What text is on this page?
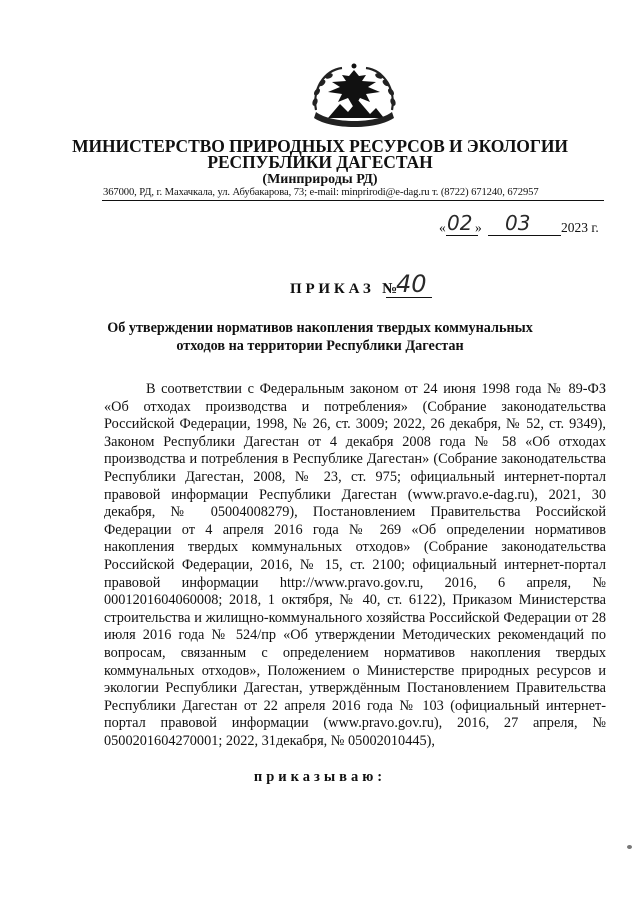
МИНИСТЕРСТВО ПРИРОДНЫХ РЕСУРСОВ И ЭКОЛОГИИ
РЕСПУБЛИКИ ДАГЕСТАН
(Минприроды РД)
367000, РД, г. Махачкала, ул. Абубакарова, 73; e-mail: minprirodi@e-dag.ru т. (8722) 671240, 672957
« 02 » 03 2023 г.
ПРИКАЗ №
40
Об утверждении нормативов накопления твердых коммунальных
отходов на территории Республики Дагестан
В соответствии с Федеральным законом от 24 июня 1998 года № 89-ФЗ «Об отходах производства и потребления» (Собрание законодательства Российской Федерации, 1998, № 26, ст. 3009; 2022, 26 декабря, № 52, ст. 9349), Законом Республики Дагестан от 4 декабря 2008 года № 58 «Об отходах производства и потребления в Республике Дагестан» (Собрание законодательства Республики Дагестан, 2008, № 23, ст. 975; официальный интернет-портал правовой информации Республики Дагестан (www.pravo.e-dag.ru), 2021, 30 декабря, № 05004008279), Постановлением Правительства Российской Федерации от 4 апреля 2016 года № 269 «Об определении нормативов накопления твердых коммунальных отходов» (Собрание законодательства Российской Федерации, 2016, № 15, ст. 2100; официальный интернет-портал правовой информации http://www.pravo.gov.ru, 2016, 6 апреля, № 0001201604060008; 2018, 1 октября, № 40, ст. 6122), Приказом Министерства строительства и жилищно-коммунального хозяйства Российской Федерации от 28 июля 2016 года № 524/пр «Об утверждении Методических рекомендаций по вопросам, связанным с определением нормативов накопления твердых коммунальных отходов», Положением о Министерстве природных ресурсов и экологии Республики Дагестан, утверждённым Постановлением Правительства Республики Дагестан от 22 апреля 2016 года № 103 (официальный интернет-портал правовой информации (www.pravo.gov.ru), 2016, 27 апреля, № 0500201604270001; 2022, 31декабря, № 05002010445),
приказываю:
